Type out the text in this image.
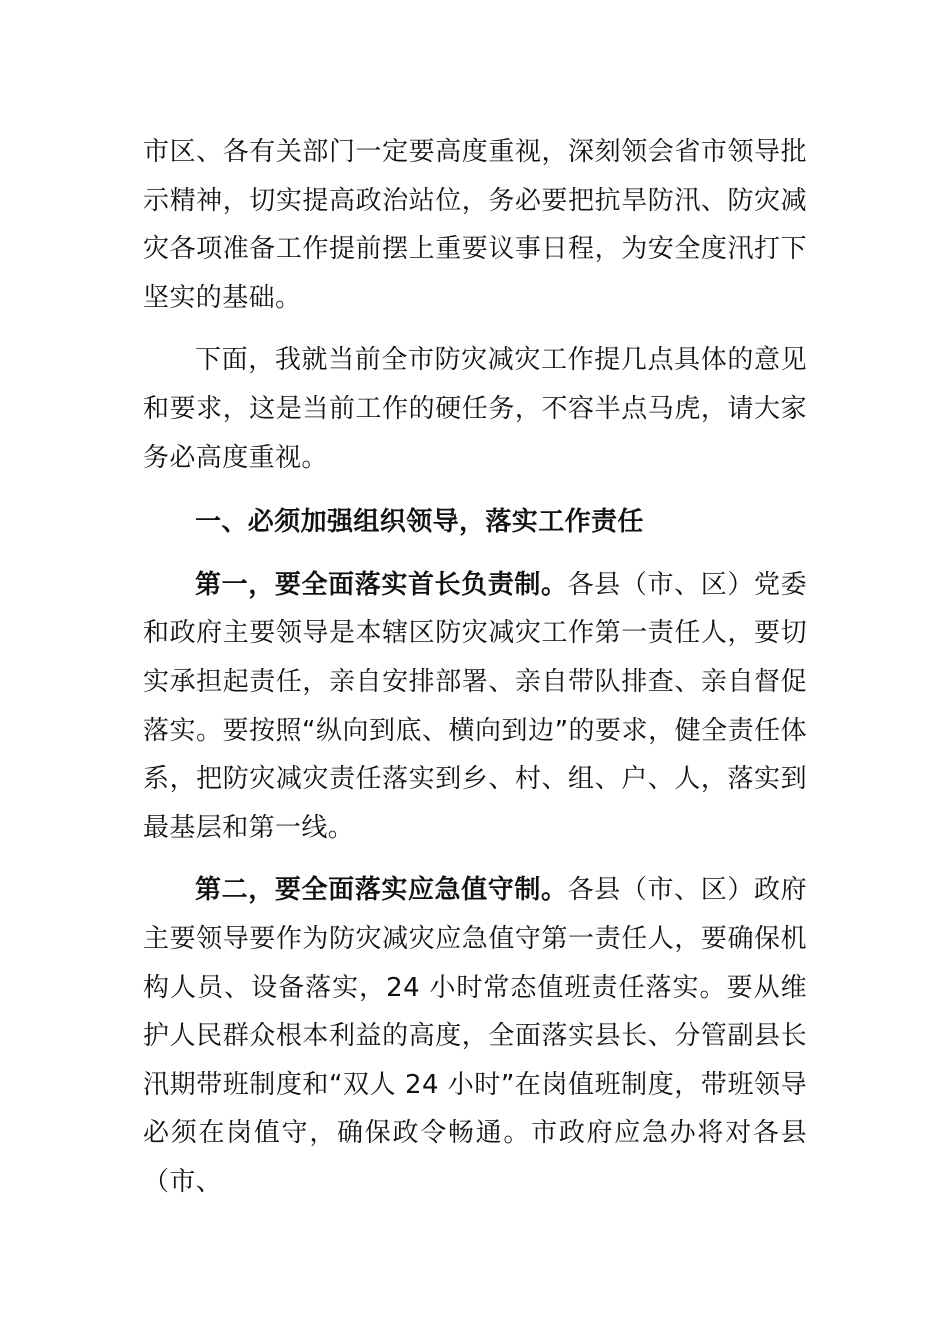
市区、各有关部门一定要高度重视，深刻领会省市领导批示精神，切实提高政治站位，务必要把抗旱防汛、防灾减灾各项准备工作提前摆上重要议事日程，为安全度汛打下坚实的基础。

下面，我就当前全市防灾减灾工作提几点具体的意见和要求，这是当前工作的硬任务，不容半点马虎，请大家务必高度重视。

一、必须加强组织领导，落实工作责任

第一，要全面落实首长负责制。各县（市、区）党委和政府主要领导是本辖区防灾减灾工作第一责任人，要切实承担起责任，亲自安排部署、亲自带队排查、亲自督促落实。要按照“纵向到底、横向到边”的要求，健全责任体系，把防灾减灾责任落实到乡、村、组、户、人，落实到最基层和第一线。

第二，要全面落实应急值守制。各县（市、区）政府主要领导要作为防灾减灾应急值守第一责任人，要确保机构人员、设备落实，24 小时常态值班责任落实。要从维护人民群众根本利益的高度，全面落实县长、分管副县长汛期带班制度和“双人 24 小时”在岗值班制度，带班领导必须在岗值守，确保政令畅通。市政府应急办将对各县（市、
